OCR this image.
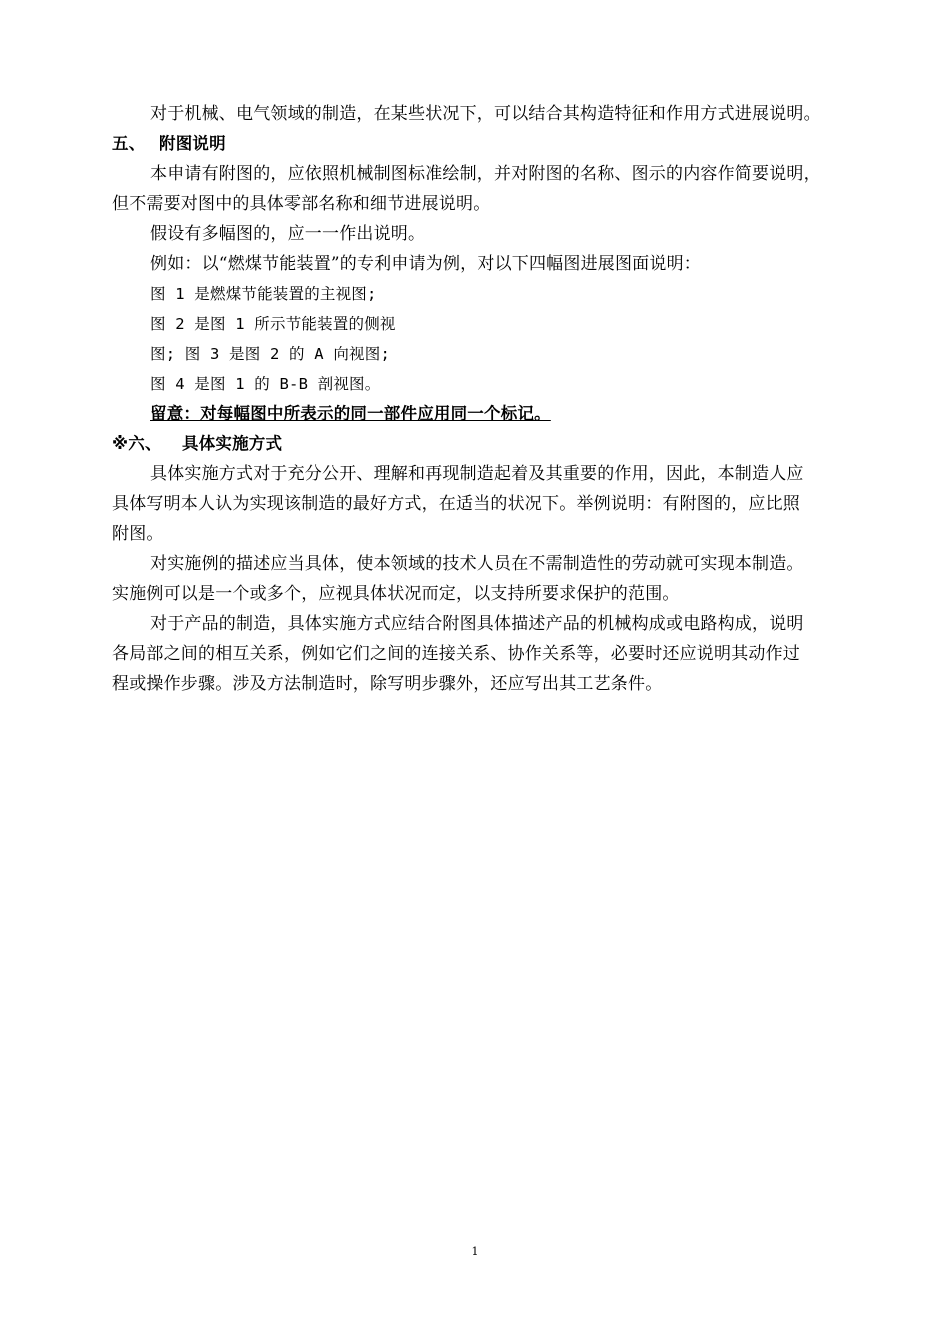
对于机械、电气领域的制造，在某些状况下，可以结合其构造特征和作用方式进展说明。
五、 附图说明
本申请有附图的，应依照机械制图标准绘制，并对附图的名称、图示的内容作简要说明，
但不需要对图中的具体零部名称和细节进展说明。
假设有多幅图的，应一一作出说明。
例如：以“燃煤节能装置”的专利申请为例，对以下四幅图进展图面说明：
图 1 是燃煤节能装置的主视图;
图 2 是图 1 所示节能装置的侧视
图; 图 3 是图 2 的 A 向视图;
图 4 是图 1 的 B-B 剖视图。
留意：对每幅图中所表示的同一部件应用同一个标记。
※六、 具体实施方式
具体实施方式对于充分公开、理解和再现制造起着及其重要的作用，因此，本制造人应
具体写明本人认为实现该制造的最好方式，在适当的状况下。举例说明：有附图的，应比照
附图。
对实施例的描述应当具体，使本领域的技术人员在不需制造性的劳动就可实现本制造。
实施例可以是一个或多个，应视具体状况而定，以支持所要求保护的范围。
对于产品的制造，具体实施方式应结合附图具体描述产品的机械构成或电路构成，说明
各局部之间的相互关系，例如它们之间的连接关系、协作关系等，必要时还应说明其动作过
程或操作步骤。涉及方法制造时，除写明步骤外，还应写出其工艺条件。
1
